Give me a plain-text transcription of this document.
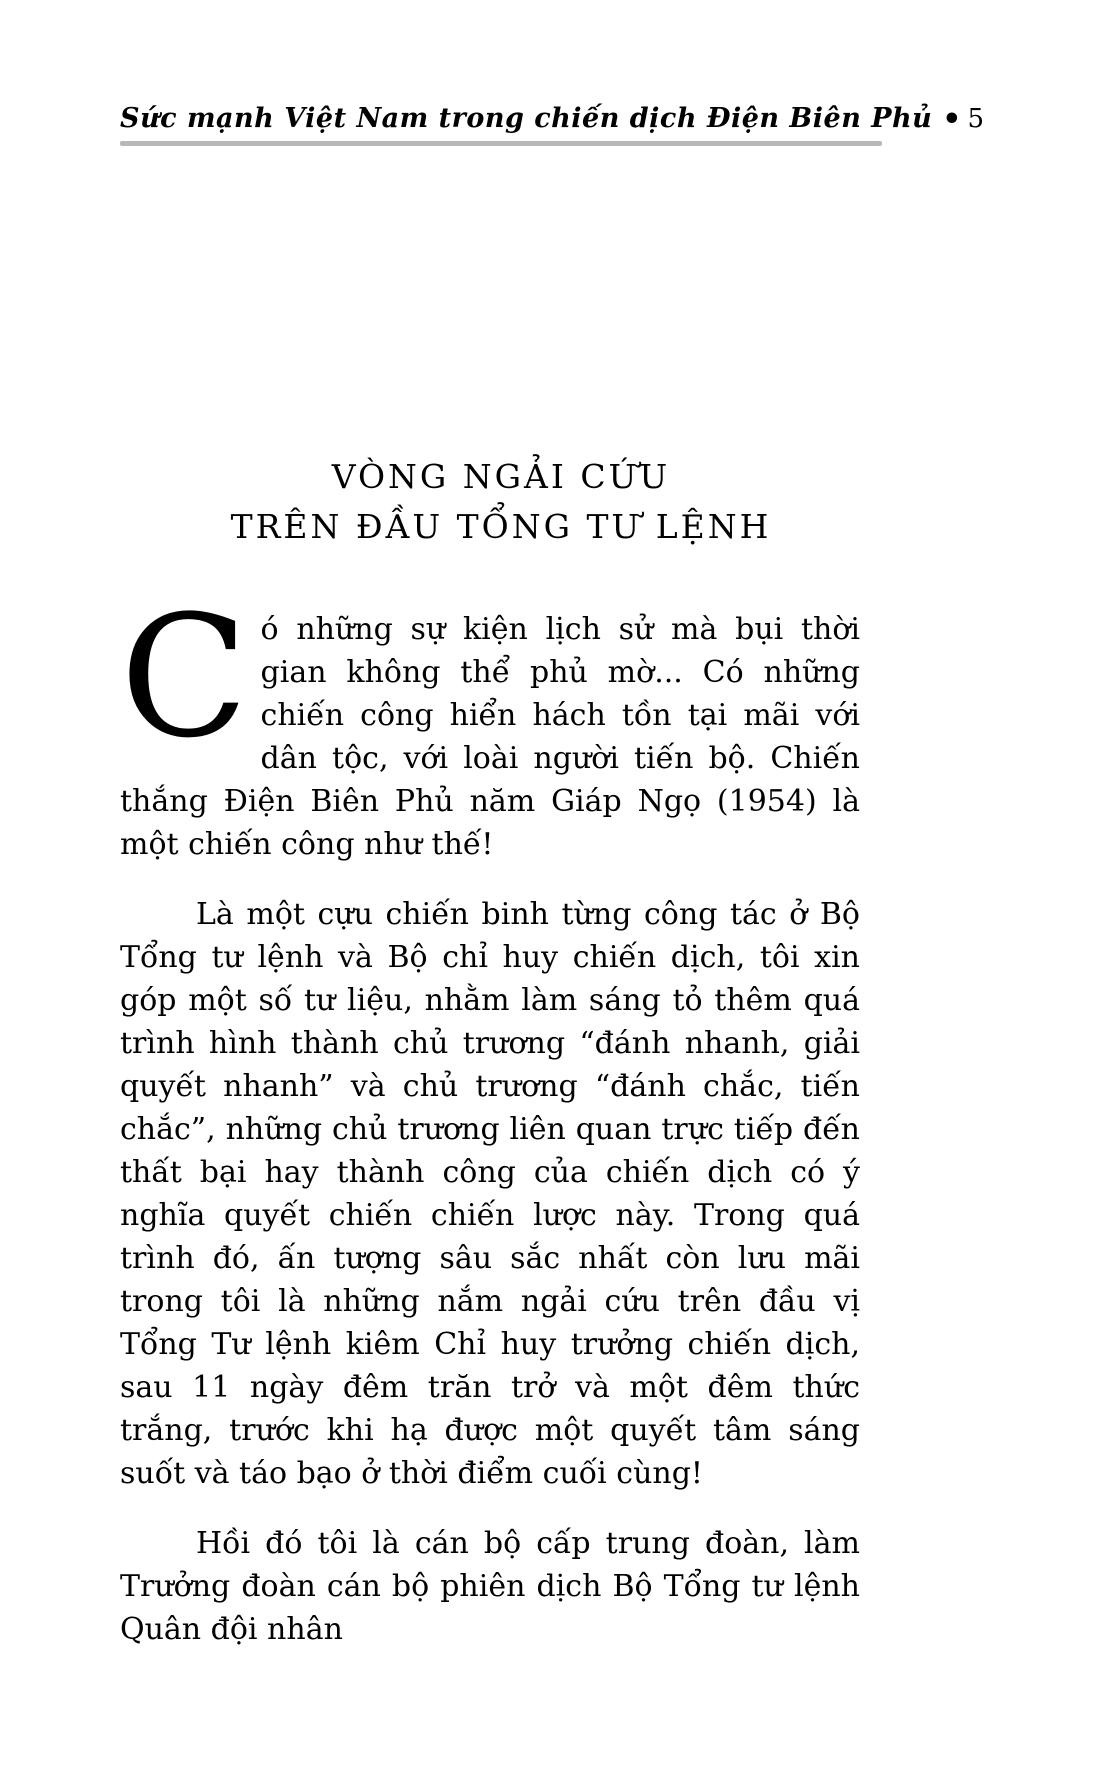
Sức mạnh Việt Nam trong chiến dịch Điện Biên Phủ • 5
VÒNG NGẢI CỨU
TRÊN ĐẦU TỔNG TƯ LỆNH

Có những sự kiện lịch sử mà bụi thời gian không thể phủ mờ... Có những chiến công hiển hách tồn tại mãi với dân tộc, với loài người tiến bộ. Chiến thắng Điện Biên Phủ năm Giáp Ngọ (1954) là một chiến công như thế!

Là một cựu chiến binh từng công tác ở Bộ Tổng tư lệnh và Bộ chỉ huy chiến dịch, tôi xin góp một số tư liệu, nhằm làm sáng tỏ thêm quá trình hình thành chủ trương “đánh nhanh, giải quyết nhanh” và chủ trương “đánh chắc, tiến chắc”, những chủ trương liên quan trực tiếp đến thất bại hay thành công của chiến dịch có ý nghĩa quyết chiến chiến lược này. Trong quá trình đó, ấn tượng sâu sắc nhất còn lưu mãi trong tôi là những nắm ngải cứu trên đầu vị Tổng Tư lệnh kiêm Chỉ huy trưởng chiến dịch, sau 11 ngày đêm trăn trở và một đêm thức trắng, trước khi hạ được một quyết tâm sáng suốt và táo bạo ở thời điểm cuối cùng!

Hồi đó tôi là cán bộ cấp trung đoàn, làm Trưởng đoàn cán bộ phiên dịch Bộ Tổng tư lệnh Quân đội nhân
